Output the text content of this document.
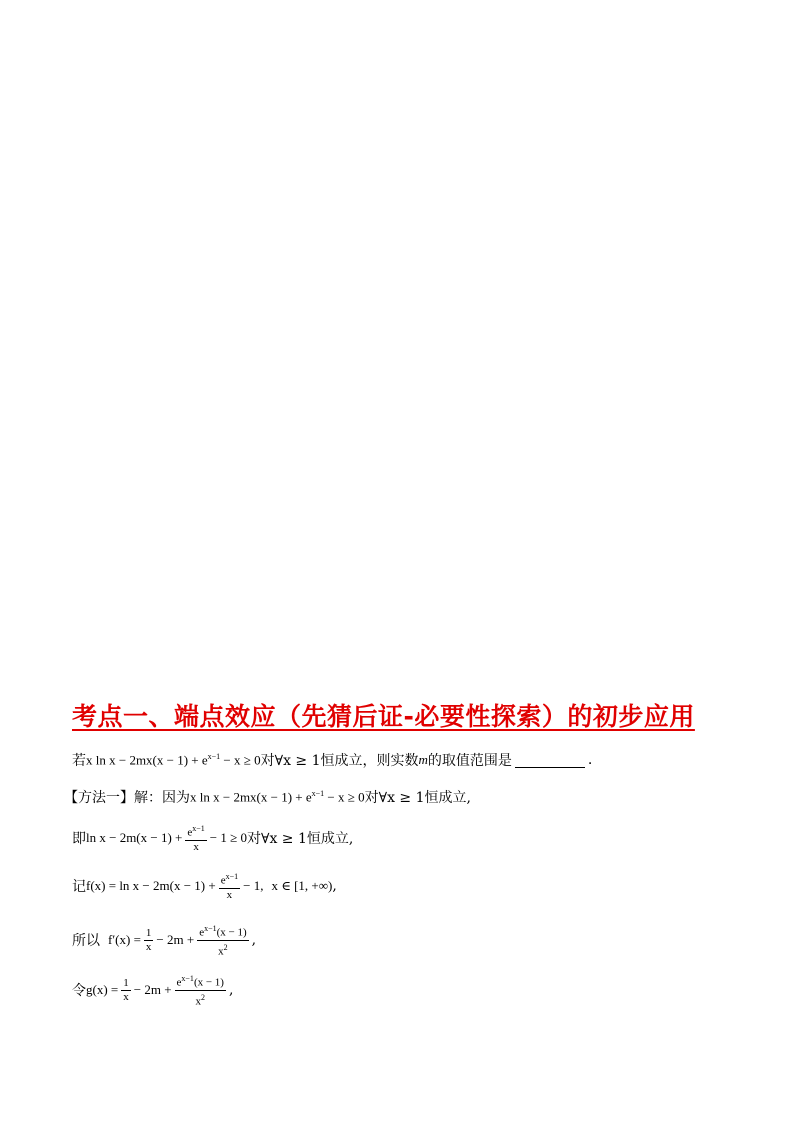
考点一、端点效应（先猜后证-必要性探索）的初步应用
若 x $\ln x - 2mx(x - 1) + e^{x-1} - x \ge 0$ 对∀x ≥ 1恒成立，则实数 m 的取值范围是	.
【方法一】解：因为 x $\ln x - 2mx(x - 1) + e^{x-1} - x \ge 0$ 对∀x ≥ 1恒成立,
即 $\ln x - 2m(x - 1) + \frac{e^{x-1}}{x} - 1 \ge 0$ 对∀x ≥ 1恒成立,
记 $f(x) = \ln x - 2m(x - 1) + \frac{e^{x-1}}{x} - 1$, x ∈ [1, +∞) ,
所以 $f'(x) = \frac{1}{x} - 2m + \frac{e^{x-1}(x - 1)}{x^2}$ ,
令 $g(x) = \frac{1}{x} - 2m + \frac{e^{x-1}(x - 1)}{x^2}$ ,
